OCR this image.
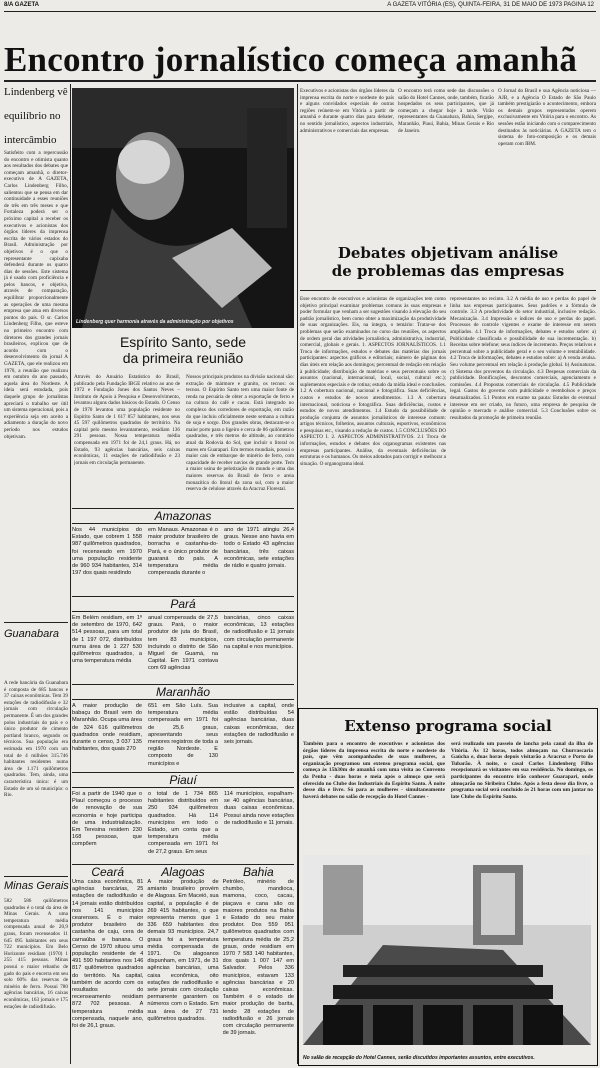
8/A GAZETA	A GAZETA VITÓRIA (ES), QUINTA-FEIRA, 31 DE MAIO DE 1973 PAGINA 12
Encontro jornalístico começa amanhã
Lindenberg vê
equilíbrio no
intercâmbio
Satisfeito com a repercussão do encontro e otimista quanto aos resultados dos debates que começam amanhã, o diretor-executivo de A GAZETA, Carlos Lindenberg Filho, salientou que se pensa em dar continuidade a esses reuniões de três em três meses e que Fortaleza poderá ser o próximo capital a receber os executivos e acionistas dos órgãos líderes da imprensa escrita de vários estados do Brasil. Administração por objetivos é o que o representante capixaba defenderá durante os quatro dias de sessões. Este sistema já é usado com proficiência e pelos bancos, e objetiva, através de comparação, equilibrar proporcionalmente as operações de uma mesma empresa que atua em diversos pontos do país. O sr. Carlos Lindenberg Filho, que esteve no primeiro encontro com diretores dos grandes jornais brasileiros, explicou que de acordo com o desenvolvimento do jornal A GAZETA, que ele realizou em 1970, a reunião que realizou em outubro do ano passado, aquela área do Nordeste. A ideia será estudada, pois daquele grupo de jornalistas apreciará o trabalho ser útil um sistema operacional, pois a experiência seja em aceito a adiamento a duração do novo período nos estudos objetivam.
Guanabara
A rede bancária da Guanabara é composta de 685 bancos e 37 caixas econômicas. Tem 39 estações de radiodifusão e 32 jornais com circulação permanente. É um dos grandes polos industriais do país e o único produtor de cimento portland branco, segundo os técnicos. Sua população era estimada em 1970 com um total de 4 milhões 315.746 habitantes residentes numa área de 1.171 quilômetros quadrados. Tem, ainda, uma característica única: é um Estado de um só município: o Rio.
Minas Gerais
582 586 quilômetros quadrados é o total da área de Minas Gerais. A uma temperatura média compensada anual de 20,9 graus, foram recenseados 11 645 095 habitantes em seus 722 municípios. Em Belo Horizonte residiam (1970) 1 255 415 pessoas. Minas possui o maior rebanho de gado do país e encerra em seu solo 60% das reservas de minério de ferro. Possui 780 agências bancárias, 16 caixas econômicas, 163 jornais e 175 estações de radiodifusão.
Lindenberg quer harmonia através da administração por objetivos
Espírito Santo, sede
da primeira reunião
Através do Anuário Estatístico do Brasil, publicado pela Fundação IBGE relativo ao ano de 1972 e Fundação Jones dos Santos Neves – Instituto de Apoio à Pesquisa e Desenvolvimento, levantou alguns dados básicos do Estado. O Censo de 1970 levantou uma população residente no Espírito Santo de 1 617 857 habitantes, nos seus 45 597 quilômetros quadrados de território. Na capital pelo mesmo levantamento, residiam 136 291 pessoas. Nossa temperatura média compensada em 1971 foi de 24,1 graus. Há, no Estado, 93 agências bancárias, seis caixas econômicas, 11 estações de radiodifusão e 23 jornais em circulação permanente.
Nossos principais produtos na divisão nacional são: extração de mármore e granito, os tecnos: os tecnos. O Espírito Santo tem uma maior fonte de renda na pecuária de obter a exportação de ferro e na cultura do café e cacau. Está integrado no complexo dos corredores de exportação, em razão do que incluiu oficialmente neste semana a cultura de soja e sorgo. Dos grandes obras, destacam-se o maior porto para o ligeiro e cerca de 86 quilômetros quadrados, e três metros de altitude, ao contrário atual da Rodovia do Sol, que incluir o litoral os mares em Guarapari. Em termos mundiais, possui o maior cais de embarque de minério de ferro, com capacidade de receber navios de grande porte. Tem a maior usina de pelotização do mundo e uma das maiores reservas do Brasil de ferro e areia monazítica do litoral da zona sul, com a maior reserva de celulose através da Aracruz Florestal.
Amazonas
Nos 44 municípios do Estado, que cobrem 1 558 987 quilômetros quadrados, foi recenseado em 1970 uma população residente de 960 934 habitantes, 314 197 dos quais residindo
em Manaus. Amazonas é o maior produtor brasileiro de borracha e castanha-do-Pará, e o único produtor de guaraná do país. A temperatura média compensada durante o
ano de 1971 atingiu 26,4 graus. Nesse ano havia em todo o Estado 43 agências bancárias, três caixas econômicas, sete estações de rádio e quatro jornais.
Pará
Em Belém residiam, em 1º de setembro de 1970, 642 514 pessoas, para um total de 1 197 072, distribuídos numa área de 1 227 530 quilômetros quadrados, a uma temperatura média
anual compensada de 27,5 graus. Pará, o maior produtor de juta do Brasil, tem 83 municípios, incluindo o distrito de São Miguel de Guamá, na Capital. Em 1971 contava com 69 agências
bancárias, cinco caixas econômicas, 13 estações de radiodifusão e 11 jornais com circulação permanente na capital e nos municípios.
Maranhão
A maior produção de babaçu do Brasil vem do Maranhão. Ocupa uma área de 324 616 quilômetros quadrados onde residiam, durante o censo, 3 037 135 habitantes, dos quais 270
651 em São Luís. Sua temperatura média compensada em 1971 foi de 25,6 graus, apresentando seus menores registros de toda a região Nordeste. E composto de 130 municípios e
inclusive a capital, onde estão distribuídas 54 agências bancárias, duas caixas econômicas, dez estações de radiodifusão e seis jornais.
Piauí
Foi a partir de 1940 que o Piauí começou o processo de renovação de sua economia e hoje participa de uma industrialização. Em Teresina residem 230 168 pessoas, que compõem
o total de 1 734 865 habitantes distribuídos em 250 934 quilômetros quadrados. Há 114 municípios em todo o Estado, um conta que a temperatura média compensada em 1971 foi de 27,2 graus. Em seus
114 municípios, espalham-se 40 agências bancárias, duas caixas econômicas. Possui ainda nove estações de radiodifusão e 11 jornais.
Ceará
Uma caixa econômica, 81 agências bancárias, 25 estações de radiodifusão e 14 jornais estão distribuídos nos 141 municípios cearenses. É o maior produtor brasileiro de castanha de caju, cera de carnaúba e banana. O Censo de 1970 situou uma população residente de 4 491 590 habitantes nos 146 817 quilômetros quadrados do território. Na capital, também de acordo com os resultados do recenseamento residiam 872 702 pessoas. A temperatura média compensada, naquele ano, foi de 26,1 graus.
Alagoas
A maior produção de amianto brasileiro provém de Alagoas. Em Maceió, sua capital, a população é de 269 415 habitantes, o que representa menos que 1 336 659 habitantes dos demais 93 municípios. 24,7 graus foi a temperatura média compensada de 1971. Os alagoanos dispunham, em 1971, de 31 agências bancárias, uma caixa econômica, oito estações de radiodifusão e sete jornais com circulação permanente garantem os números com o Estado. Em sua área de 27 731 quilômetros quadrados.
Bahia
Petróleo, minério de chumbo, mandioca, mamona, coco, cacau, piaçava e cana são os maiores produtos na Bahia e Estado do seu maior produtor. Dos 559 951 quilômetros quadrados com temperatura média de 25,2 graus, onde residiam em 1970 7 583 140 habitantes, dos quais 1 007 147 em Salvador. Pelos 336 municípios, estavam 133 agências bancárias e 20 caixas econômicas. Também é o estado de maior produção de barita, tendo 28 estações de radiodifusão e 26 jornais com circulação permanente de 39 jornais.
Executivos e acionistas dos órgãos líderes da imprensa escrita do norte e nordeste do país e alguns convidados especiais de outras regiões reúnem-se em Vitória a partir de amanhã e durante quatro dias para debater, no sentido jornalístico, aspectos industriais, administrativos e comerciais das empresas.
O encontro terá como sede das discussões o salão do Hotel Cannes, onde, também, ficarão hospedados os seus participantes, que já começam a chegar hoje à tarde. Virão representantes da Guanabara, Bahia, Sergipe, Maranhão, Piauí, Bahia, Minas Gerais e Rio de Janeiro.
O Jornal do Brasil e sua Agência noticiosa — AJB, e a Agência O Estado de São Paulo também prestigiarão o acontecimento, embora os demais grupos representados operem exclusivamente em Vitória para o encontro. As sessões estão iniciando com o comparecimento destinados às noticiárias. A GAZETA tem o sistema de foto-composição e os demais operam com IBM.
Debates objetivam análise
de problemas das empresas
Esse encontro de executivos e acionistas de organizações tem como objetivo principal examinar problemas comuns às suas empresas e poder formular que venham a ser sugestões visando à elevação do seu padrão jornalístico, bem como obter a maximização da produtividade de suas organizações. Eis, na íntegra, o temário: Tratar-se dos problemas que serão examinados no curso das reuniões, os aspectos de ordem geral das atividades jornalística, administrativa, industrial, comercial, globais e gerais. 1. ASPECTOS JORNALÍSTICOS. 1.1 Troca de informações, estudos e debates das matérias dos jornais participantes: aspectos gráficos e editoriais; número de páginas dos dias úteis em relação aos domingos; percentual de redação em relação à publicidade; distribuição de matérias e seus percentuais sobre os assuntos (nacional, internacional, local, social, cultural etc.); suplementos especiais e de rotina; estudo da mídia ideal e conclusões. 1.2 A cobertura nacional, nacional e fotográfica. Suas deficiências, custos e estudos de novos atendimentos. 1.3 A cobertura internacional, noticiosa e fotográfica. Suas deficiências, custos e estudos de novos atendimentos. 1.4 Estudo da possibilidade de produção conjunta de assuntos jornalísticos de interesse comum: artigos técnicos, folhetins, assuntos culturais, esportivos, econômicos e pesquisas etc., visando a redução de custos. 1.5 CONCLUSÕES DO ASPECTO I. 2. ASPECTOS ADMINISTRATIVOS. 2.1 Troca de informações, estudos e debates dos organogramas existentes nas empresas participantes. Análise, da eventuais deficiências de estruturas e os humanos. Os meios adotados para corrigir e melhorar a situação. O organograma ideal.
representantes no recinto. 3.2 A média de uso e perdas do papel de linha nas empresas participantes. Seus padrões e a fórmula de controle. 3.3 A produtividade do setor industrial, inclusive redação. Mecanização. 3.4 Impressão e índices de uso e perdas do papel. Processos de controle vigentes e exame de interesse em serem ampliados. 4.1 Troca de informações, debates e estudos sobre: a) Publicidade classificada e possibilidade de sua incrementação. b) Receitas sobre telefone; seus índices de incremento. Preços relativos e percentual sobre a publicidade geral e o seu volume e rentabilidade. 4.2 Troca de informações, debates e estudos sobre: a) A venda avulsa. Seu volume percentual em relação à produção global. b) Assinaturas. c) Sistema dos proventos da circulação. 4.3 Despesas comerciais da publicidade. Bonificações, descontos comerciais, agenciamento e comissões. 4.4 Propostas comerciais de circulação. 4.5 Publicidade legal. Gastos do governo com publicidade e reembolsos e preços desatualizados. 5.1 Pontos em exame na pauta: Estudos do eventual interesse em ser criado, no futuro, uma empresa de pesquisa de opinião e mercado e análise comercial. 5.3 Conclusões sobre os resultados da promoção de primeira reunião.
Extenso programa social
Também para o encontro de executivos e acionistas dos órgãos líderes da imprensa escrita do norte e nordeste do país, que vêm acompanhados de suas mulheres, a organização programou um extenso programa social, que começa às 15h30m de amanhã com uma visita ao Convento da Penha - duas horas e meia após o almoço que será oferecido no Clube dos Industriais do Espírito Santo. À noite desse dia e livre. Só para as mulheres - simultaneamente haverá debates no salão de recepção do Hotel Cannes -
será realizado um passeio de lancha pela canal da ilha de Vitória. Às 12 horas, todos almoçam na Churrascaria Gaúcha e, duas horas depois visitarão a Aracruz e Porto de Tubarão. À noite, o casal Carlos Lindenberg Filho recepcionará os visitantes em sua residência. No domingo, os participantes do encontro irão conhecer Guarapari, onde almoçarão no Siribeira Clube. Após a festa desse dia livre, o programa social será concluído às 21 horas com um jantar no late Clube do Espírito Santo.
No salão de recepção do Hotel Cannes, serão discutidos importantes assuntos, entre executivos.
